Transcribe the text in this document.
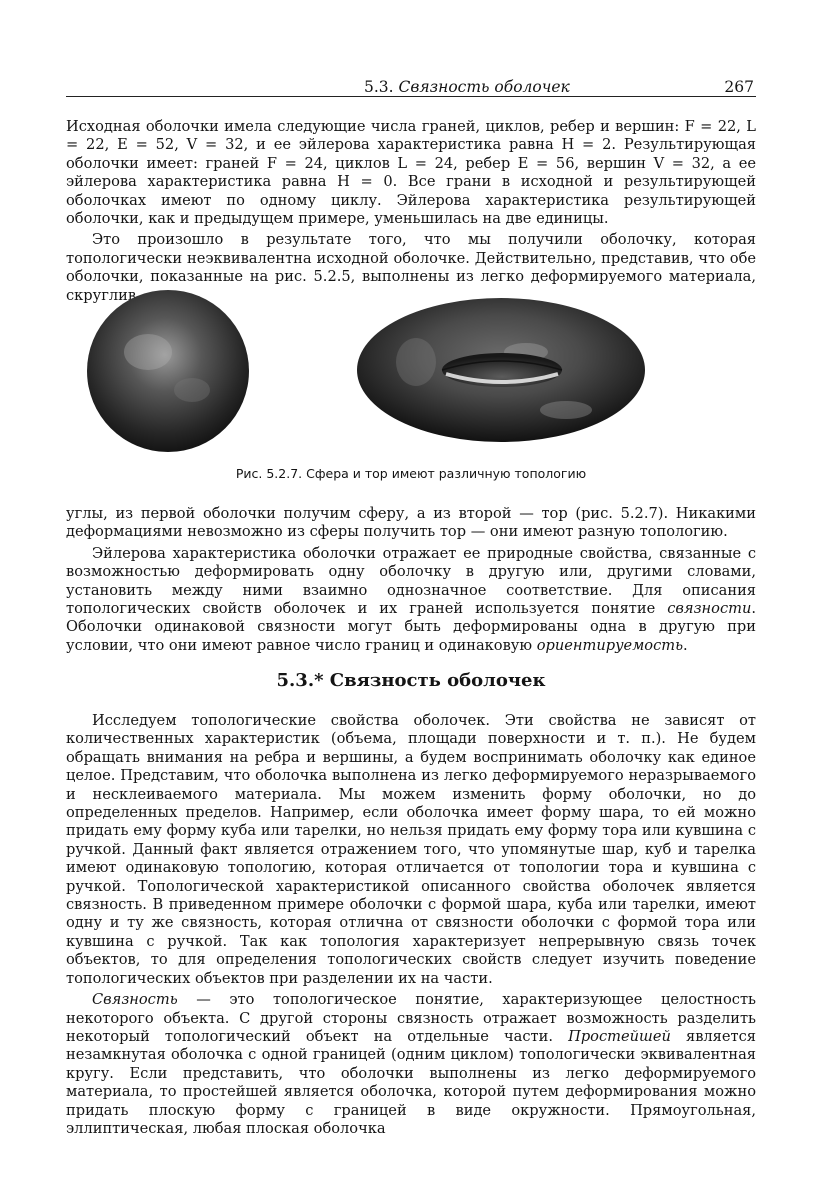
5.3. Связность оболочек	267

Исходная оболочки имела следующие числа граней, циклов, ребер и вершин: F = 22, L = 22, E = 52, V = 32, и ее эйлерова характеристика равна H = 2. Результирующая оболочки имеет: граней F = 24, циклов L = 24, ребер E = 56, вершин V = 32, а ее эйлерова характеристика равна H = 0. Все грани в исходной и результирующей оболочках имеют по одному циклу. Эйлерова характеристика результирующей оболочки, как и предыдущем примере, уменьшилась на две единицы.

Это произошло в результате того, что мы получили оболочку, которая топологически неэквивалентна исходной оболочке. Действительно, представив, что обе оболочки, показанные на рис. 5.2.5, выполнены из легко деформируемого материала, скруглив

Рис. 5.2.7. Сфера и тор имеют различную топологию

углы, из первой оболочки получим сферу, а из второй — тор (рис. 5.2.7). Никакими деформациями невозможно из сферы получить тор — они имеют разную топологию.

Эйлерова характеристика оболочки отражает ее природные свойства, связанные с возможностью деформировать одну оболочку в другую или, другими словами, установить между ними взаимно однозначное соответствие. Для описания топологических свойств оболочек и их граней используется понятие связности. Оболочки одинаковой связности могут быть деформированы одна в другую при условии, что они имеют равное число границ и одинаковую ориентируемость.

5.3.* Связность оболочек

Исследуем топологические свойства оболочек. Эти свойства не зависят от количественных характеристик (объема, площади поверхности и т. п.). Не будем обращать внимания на ребра и вершины, а будем воспринимать оболочку как единое целое. Представим, что оболочка выполнена из легко деформируемого неразрываемого и несклеиваемого материала. Мы можем изменить форму оболочки, но до определенных пределов. Например, если оболочка имеет форму шара, то ей можно придать ему форму куба или тарелки, но нельзя придать ему форму тора или кувшина с ручкой. Данный факт является отражением того, что упомянутые шар, куб и тарелка имеют одинаковую топологию, которая отличается от топологии тора и кувшина с ручкой. Топологической характеристикой описанного свойства оболочек является связность. В приведенном примере оболочки с формой шара, куба или тарелки, имеют одну и ту же связность, которая отлична от связности оболочки с формой тора или кувшина с ручкой. Так как топология характеризует непрерывную связь точек объектов, то для определения топологических свойств следует изучить поведение топологических объектов при разделении их на части.

Связность — это топологическое понятие, характеризующее целостность некоторого объекта. С другой стороны связность отражает возможность разделить некоторый топологический объект на отдельные части. Простейшей является незамкнутая оболочка с одной границей (одним циклом) топологически эквивалентная кругу. Если представить, что оболочки выполнены из легко деформируемого материала, то простейшей является оболочка, которой путем деформирования можно придать плоскую форму с границей в виде окружности. Прямоугольная, эллиптическая, любая плоская оболочка
